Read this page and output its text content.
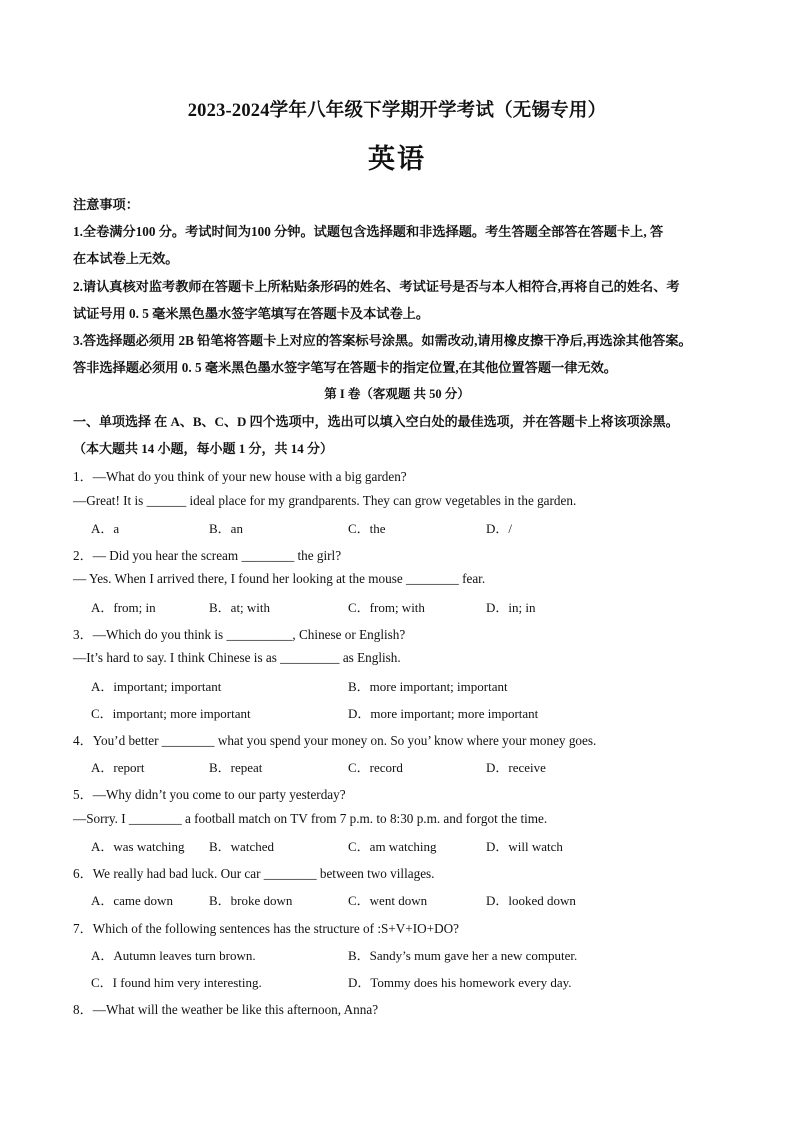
2023-2024学年八年级下学期开学考试（无锡专用）
英语
注意事项：
1.全卷满分100 分。考试时间为100 分钟。试题包含选择题和非选择题。考生答题全部答在答题卡上, 答
在本试卷上无效。
2.请认真核对监考教师在答题卡上所粘贴条形码的姓名、考试证号是否与本人相符合,再将自己的姓名、考
试证号用 0. 5 毫米黑色墨水签字笔填写在答题卡及本试卷上。
3.答选择题必须用 2B 铅笔将答题卡上对应的答案标号涂黑。如需改动,请用橡皮擦干净后,再选涂其他答案。
答非选择题必须用 0. 5 毫米黑色墨水签字笔写在答题卡的指定位置,在其他位置答题一律无效。
第 I 卷（客观题 共 50 分）
一、单项选择 在 A、B、C、D 四个选项中，选出可以填入空白处的最佳选项，并在答题卡上将该项涂黑。
（本大题共 14 小题，每小题 1 分，共 14 分）
1．—What do you think of your new house with a big garden?
—Great! It is ______ ideal place for my grandparents. They can grow vegetables in the garden.
A．a	B．an	C．the	D．/
2．— Did you hear the scream ________ the girl?
— Yes. When I arrived there, I found her looking at the mouse ________ fear.
A．from; in	B．at; with	C．from; with	D．in; in
3．—Which do you think is __________, Chinese or English?
—It’s hard to say. I think Chinese is as _________ as English.
A．important; important	B．more important; important
C．important; more important	D．more important; more important
4．You’d better ________ what you spend your money on. So you’ know where your money goes.
A．report	B．repeat	C．record	D．receive
5．—Why didn’t you come to our party yesterday?
—Sorry. I ________ a football match on TV from 7 p.m. to 8:30 p.m. and forgot the time.
A．was watching B．watched	C．am watching	D．will watch
6．We really had bad luck. Our car ________ between two villages.
A．came down	B．broke down	C．went down	D．looked down
7．Which of the following sentences has the structure of :S+V+IO+DO?
A．Autumn leaves turn brown.	B．Sandy’s mum gave her a new computer.
C．I found him very interesting.	D．Tommy does his homework every day.
8．—What will the weather be like this afternoon, Anna?
